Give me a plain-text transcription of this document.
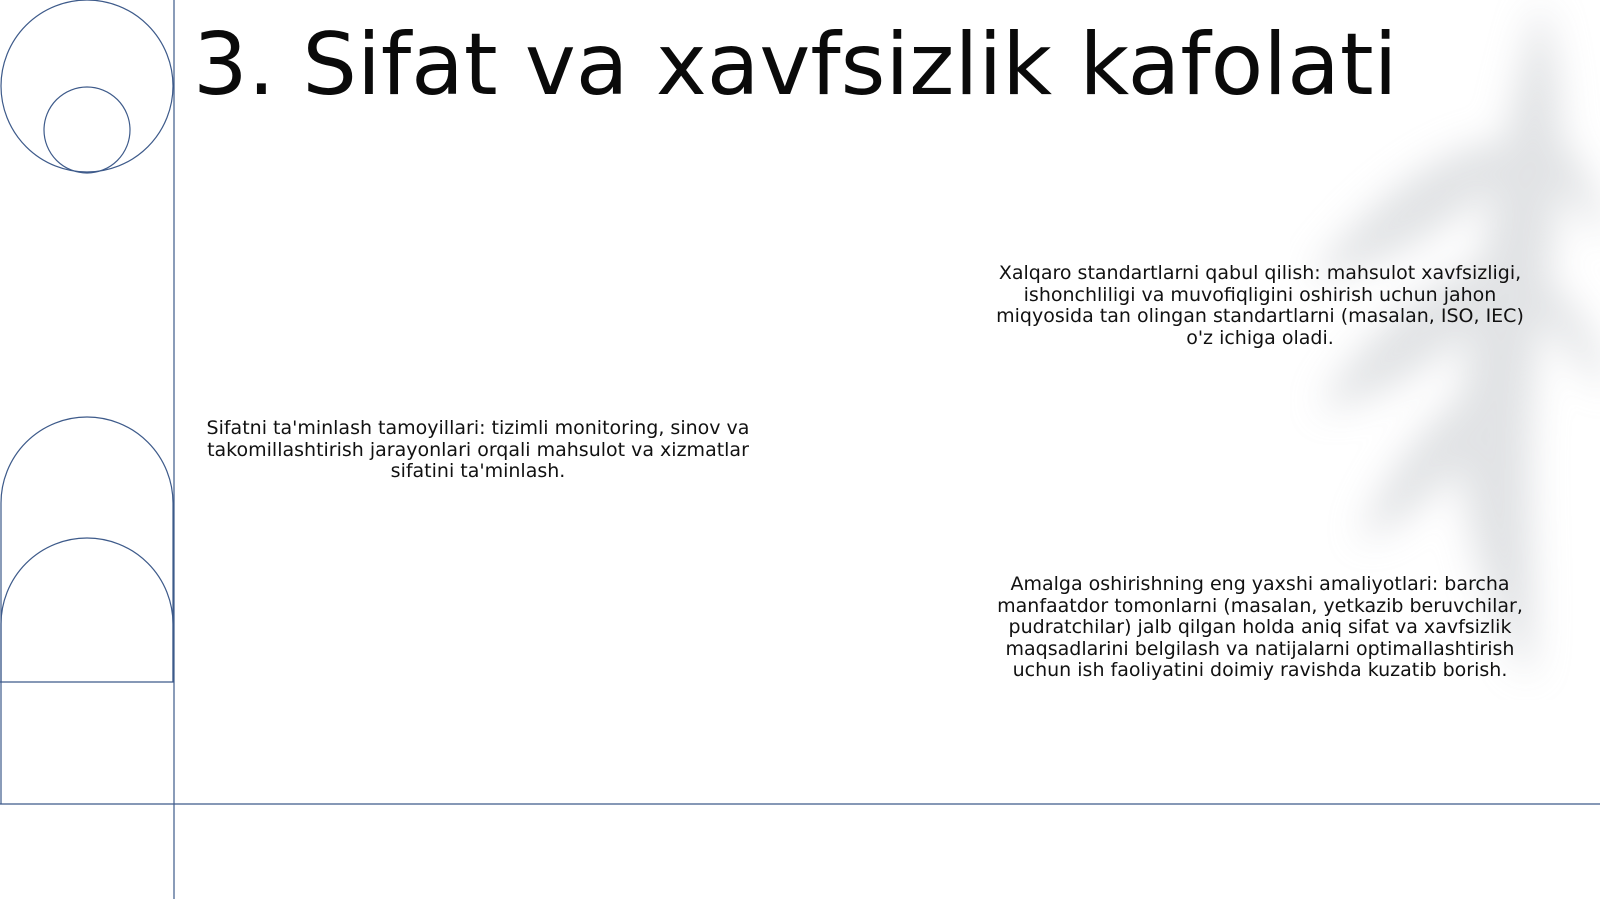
3. Sifat va xavfsizlik kafolati

Sifatni ta'minlash tamoyillari: tizimli monitoring, sinov va takomillashtirish jarayonlari orqali mahsulot va xizmatlar sifatini ta'minlash.

Xalqaro standartlarni qabul qilish: mahsulot xavfsizligi, ishonchliligi va muvofiqligini oshirish uchun jahon miqyosida tan olingan standartlarni (masalan, ISO, IEC) o'z ichiga oladi.

Amalga oshirishning eng yaxshi amaliyotlari: barcha manfaatdor tomonlarni (masalan, yetkazib beruvchilar, pudratchilar) jalb qilgan holda aniq sifat va xavfsizlik maqsadlarini belgilash va natijalarni optimallashtirish uchun ish faoliyatini doimiy ravishda kuzatib borish.
